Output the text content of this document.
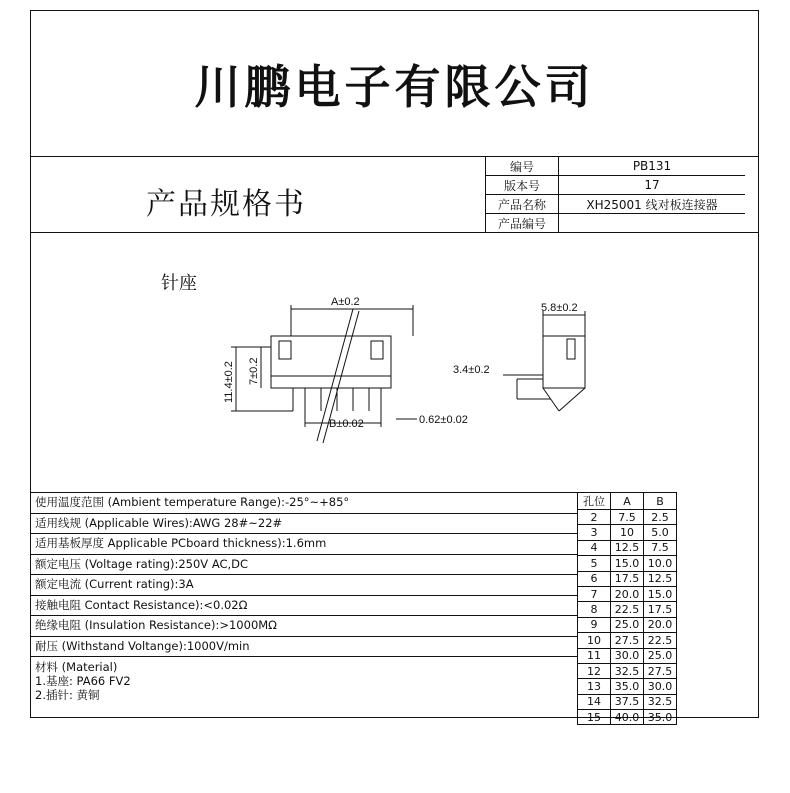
川鹏电子有限公司
产品规格书
编号	PB131
版本号	17
产品名称	XH25001 线对板连接器
产品编号	
针座
A±0.2
11.4±0.2 7±0.2
B±0.02	0.62±0.02
5.8±0.2
3.4±0.2
使用温度范围 (Ambient temperature Range):-25°~+85°
适用线规 (Applicable Wires):AWG 28#~22#
适用基板厚度 Applicable PCboard thickness):1.6mm
额定电压 (Voltage rating):250V AC,DC
额定电流 (Current rating):3A
接触电阻 Contact Resistance):<0.02Ω
绝缘电阻 (Insulation Resistance):>1000MΩ
耐压 (Withstand Voltange):1000V/min
材料 (Material)
1.基座: PA66 FV2
2.插针: 黄铜
孔位	A	B
2	7.5	2.5
3	10	5.0
4	12.5	7.5
5	15.0	10.0
6	17.5	12.5
7	20.0	15.0
8	22.5	17.5
9	25.0	20.0
10	27.5	22.5
11	30.0	25.0
12	32.5	27.5
13	35.0	30.0
14	37.5	32.5
15	40.0	35.0
